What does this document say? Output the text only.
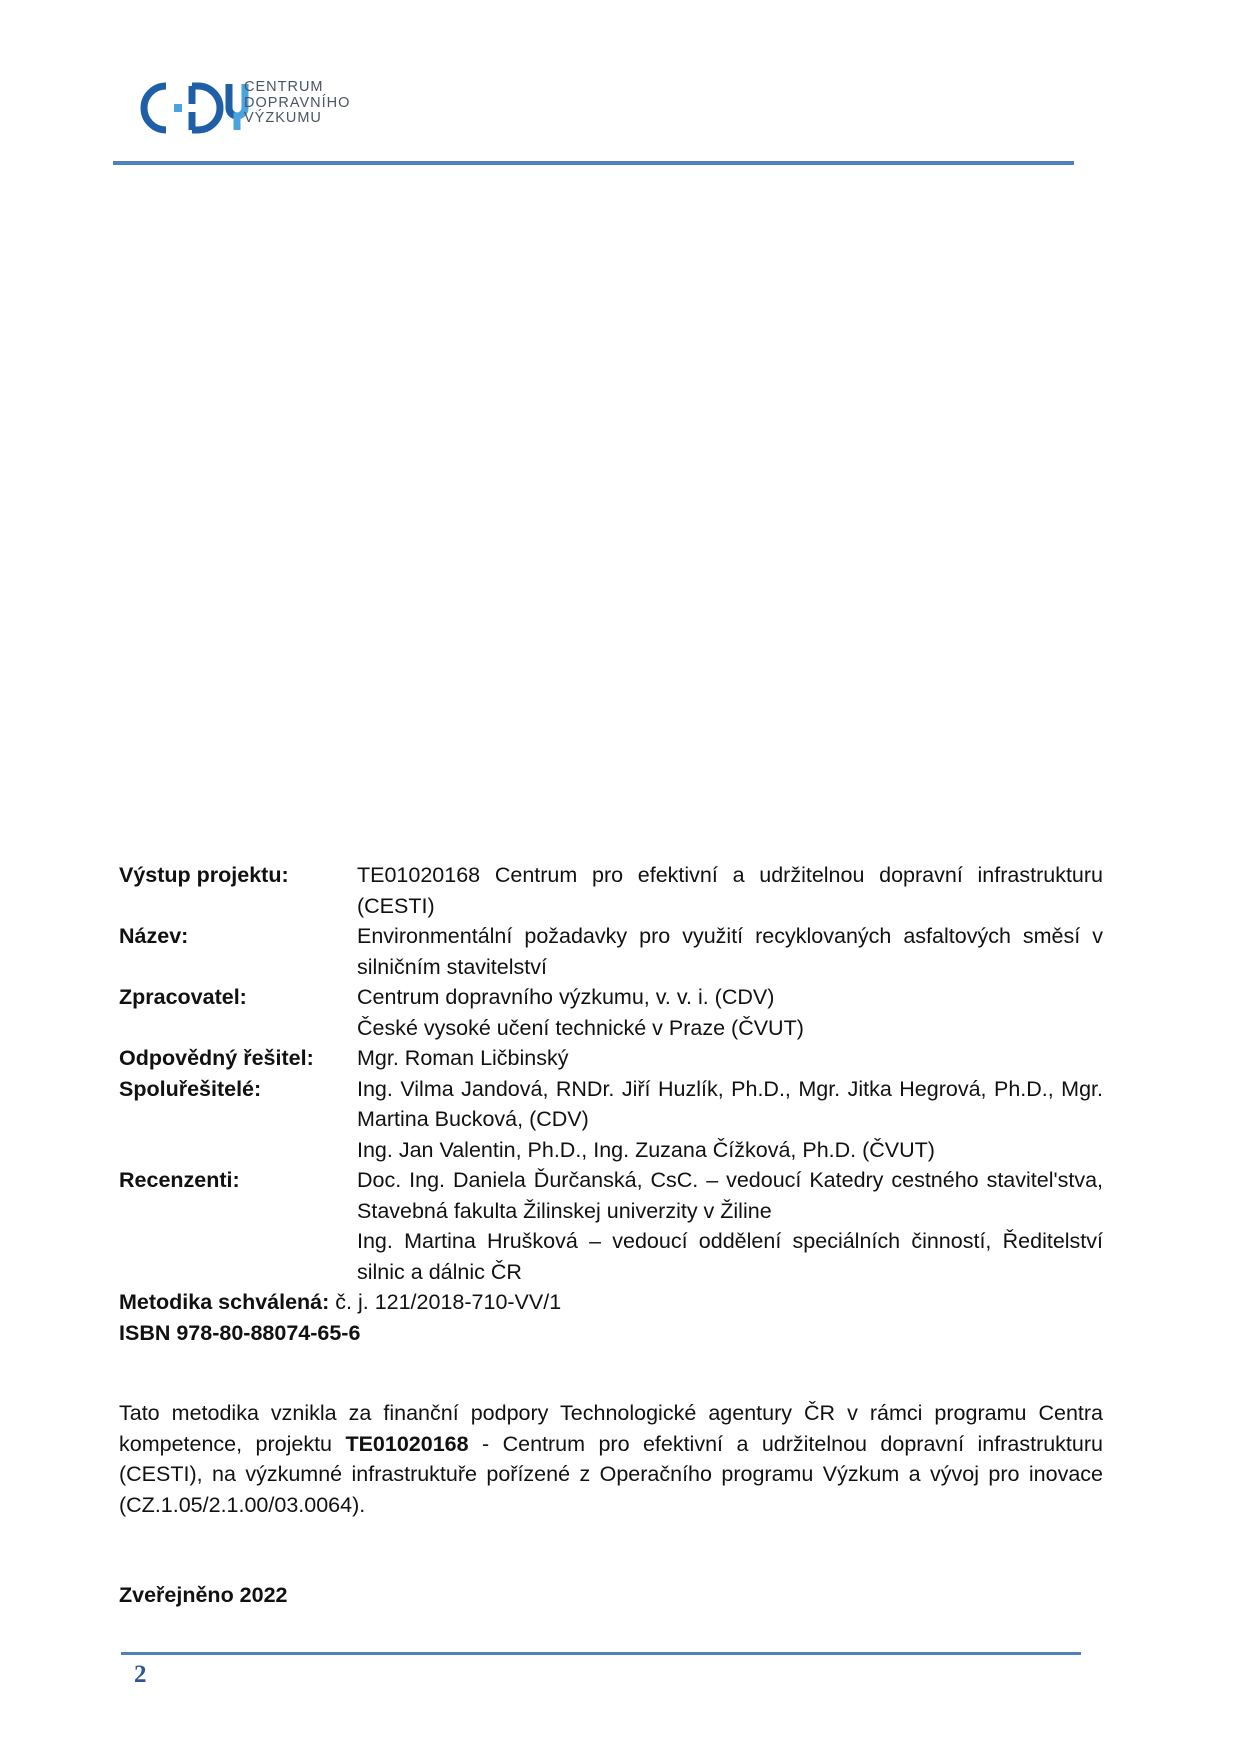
CENTRUM
DOPRAVNÍHO
VÝZKUMU
Výstup projektu:	TE01020168 Centrum pro efektivní a udržitelnou dopravní infrastrukturu (CESTI)
Název:	Environmentální požadavky pro využití recyklovaných asfaltových směsí v silničním stavitelství
Zpracovatel:	Centrum dopravního výzkumu, v. v. i. (CDV)
České vysoké učení technické v Praze (ČVUT)
Odpovědný řešitel:	Mgr. Roman Ličbinský
Spoluřešitelé:	Ing. Vilma Jandová, RNDr. Jiří Huzlík, Ph.D., Mgr. Jitka Hegrová, Ph.D., Mgr. Martina Bucková, (CDV)
Ing. Jan Valentin, Ph.D., Ing. Zuzana Čížková, Ph.D. (ČVUT)
Recenzenti:	Doc. Ing. Daniela Ďurčanská, CsC. – vedoucí Katedry cestného stavitel'stva, Stavebná fakulta Žilinskej univerzity v Žiline
Ing. Martina Hrušková – vedoucí oddělení speciálních činností, Ředitelství silnic a dálnic ČR
Metodika schválená: č. j. 121/2018-710-VV/1
ISBN 978-80-88074-65-6
Tato metodika vznikla za finanční podpory Technologické agentury ČR v rámci programu Centra kompetence, projektu TE01020168 - Centrum pro efektivní a udržitelnou dopravní infrastrukturu (CESTI), na výzkumné infrastruktuře pořízené z Operačního programu Výzkum a vývoj pro inovace (CZ.1.05/2.1.00/03.0064).
Zveřejněno 2022
2
